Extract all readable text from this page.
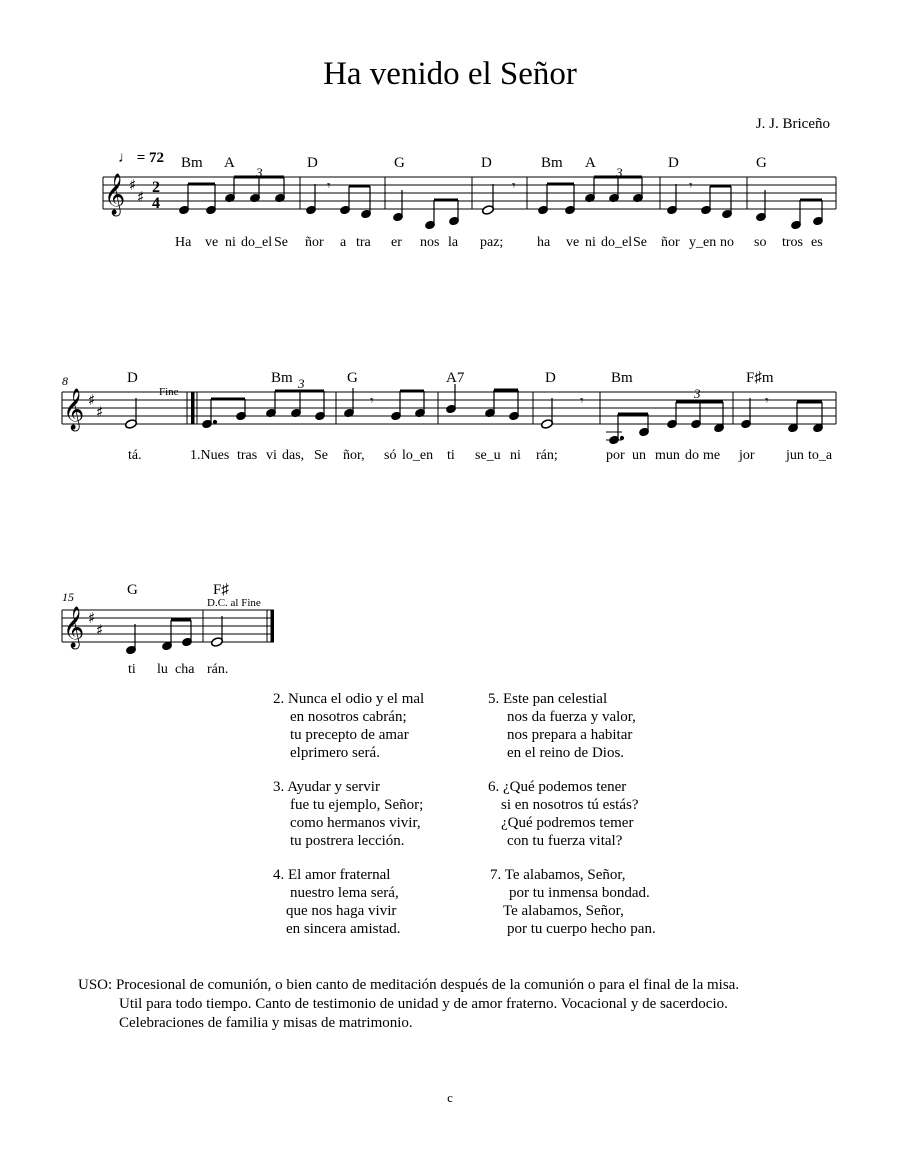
Ha venido el Señor
J. J. Briceño
♩ = 72 Bm A	D	G	D	Bm A	D	G
𝄞 ♯
♯
2
4
𝄾	𝄾	𝄾
3	3
Ha ve ni do_el Se ñor a tra er nos la paz; ha ve ni do_el Se ñor y_en no so tros es
8	D	Bm	G	A7	D	Bm	F♯m
Fine
𝄞 ♯
♯
𝄾	𝄾	𝄾
3
3
tá.	1.Nues tras vi das, Se ñor, só lo_en ti se_u ni rán;	por un mun do me jor jun to_a
15	G	F♯
D.C. al Fine
𝄞 ♯
♯
ti lu cha rán.
2. Nunca el odio y el mal
en nosotros cabrán;
tu precepto de amar
elprimero será.
3. Ayudar y servir
fue tu ejemplo, Señor;
como hermanos vivir,
tu postrera lección.
4. El amor fraternal
nuestro lema será,
que nos haga vivir
en sincera amistad.
5. Este pan celestial
nos da fuerza y valor,
nos prepara a habitar
en el reino de Dios.
6. ¿Qué podemos tener
si en nosotros tú estás?
¿Qué podremos temer
con tu fuerza vital?
7. Te alabamos, Señor,
por tu inmensa bondad.
Te alabamos, Señor,
por tu cuerpo hecho pan.
USO: Procesional de comunión, o bien canto de meditación después de la comunión o para el final de la misa.
Util para todo tiempo. Canto de testimonio de unidad y de amor fraterno. Vocacional y de sacerdocio.
Celebraciones de familia y misas de matrimonio.
c
